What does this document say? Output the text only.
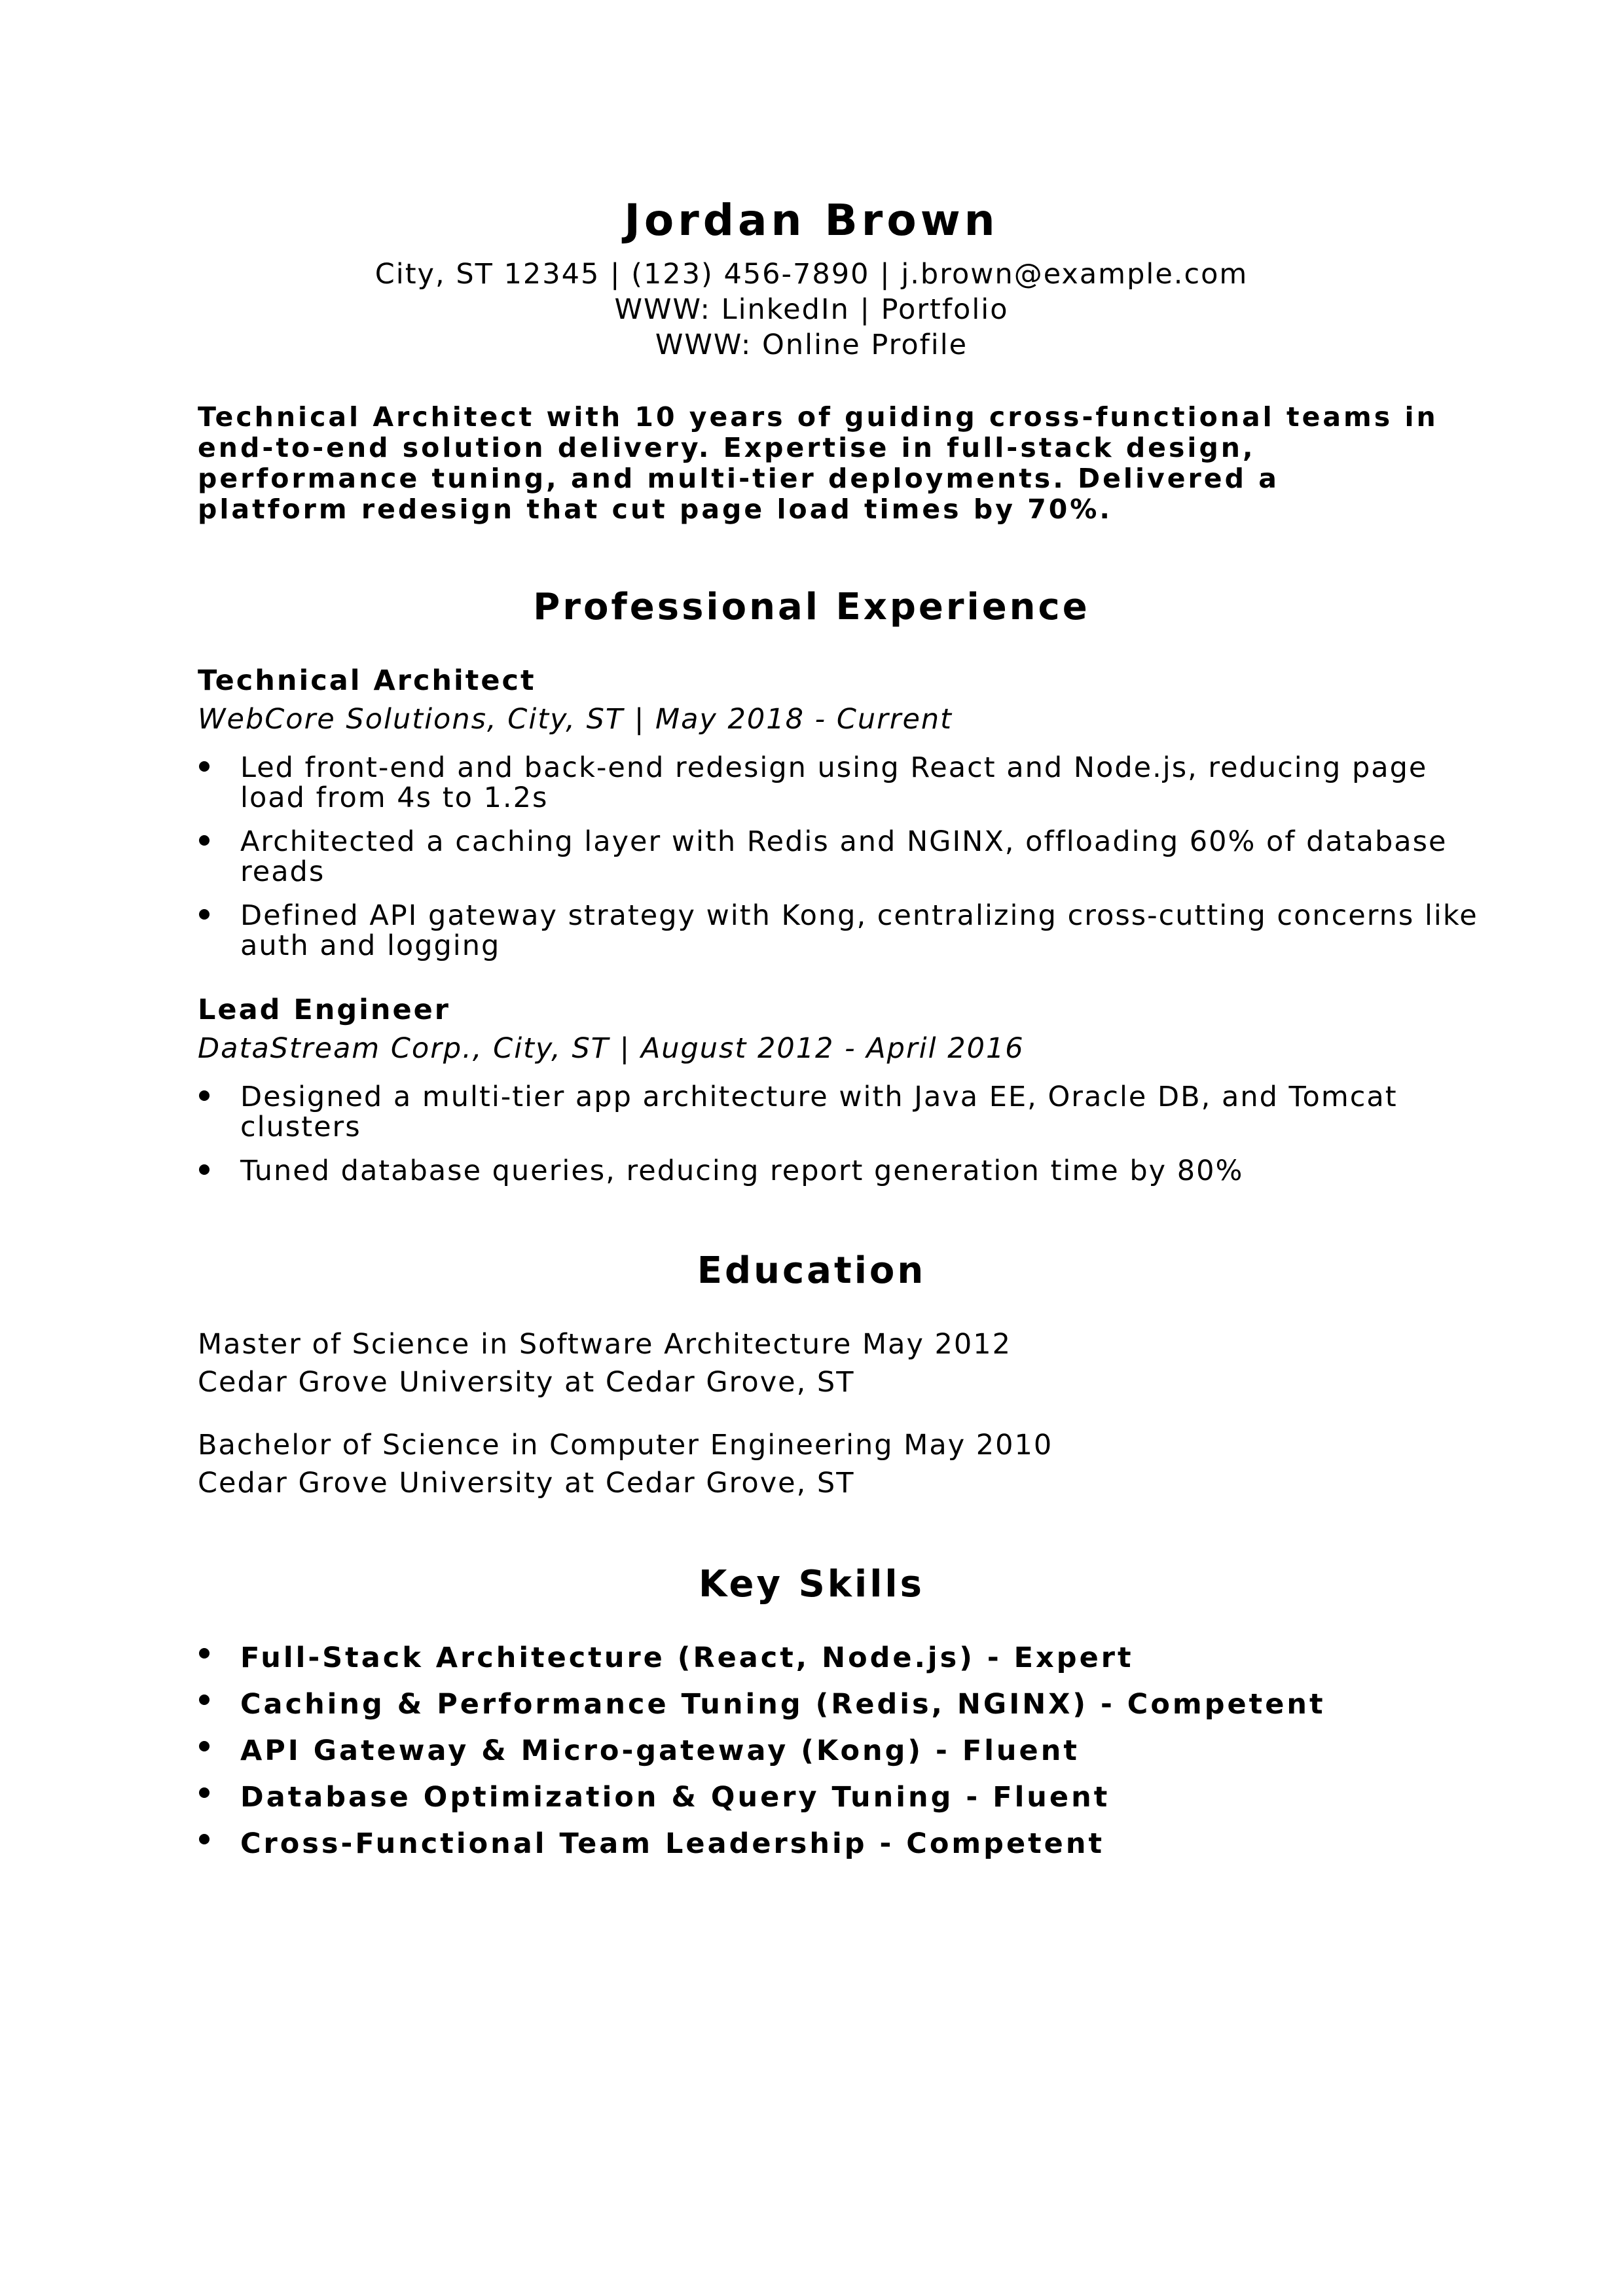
Jordan Brown

City, ST 12345 | (123) 456-7890 | j.brown@example.com

WWW: LinkedIn | Portfolio

WWW: Online Profile

Technical Architect with 10 years of guiding cross-functional teams in end-to-end solution delivery. Expertise in full-stack design, performance tuning, and multi-tier deployments. Delivered a platform redesign that cut page load times by 70%.

Professional Experience
Technical Architect

WebCore Solutions, City, ST | May 2018 - Current

Led front-end and back-end redesign using React and Node.js, reducing page load from 4s to 1.2s
Architected a caching layer with Redis and NGINX, offloading 60% of database reads
Defined API gateway strategy with Kong, centralizing cross-cutting concerns like auth and logging
Lead Engineer

DataStream Corp., City, ST | August 2012 - April 2016

Designed a multi-tier app architecture with Java EE, Oracle DB, and Tomcat clusters
Tuned database queries, reducing report generation time by 80%
Education

Master of Science in Software Architecture May 2012

Cedar Grove University at Cedar Grove, ST

Bachelor of Science in Computer Engineering May 2010

Cedar Grove University at Cedar Grove, ST

Key Skills
Full-Stack Architecture (React, Node.js) - Expert
Caching & Performance Tuning (Redis, NGINX) - Competent
API Gateway & Micro-gateway (Kong) - Fluent
Database Optimization & Query Tuning - Fluent
Cross-Functional Team Leadership - Competent
